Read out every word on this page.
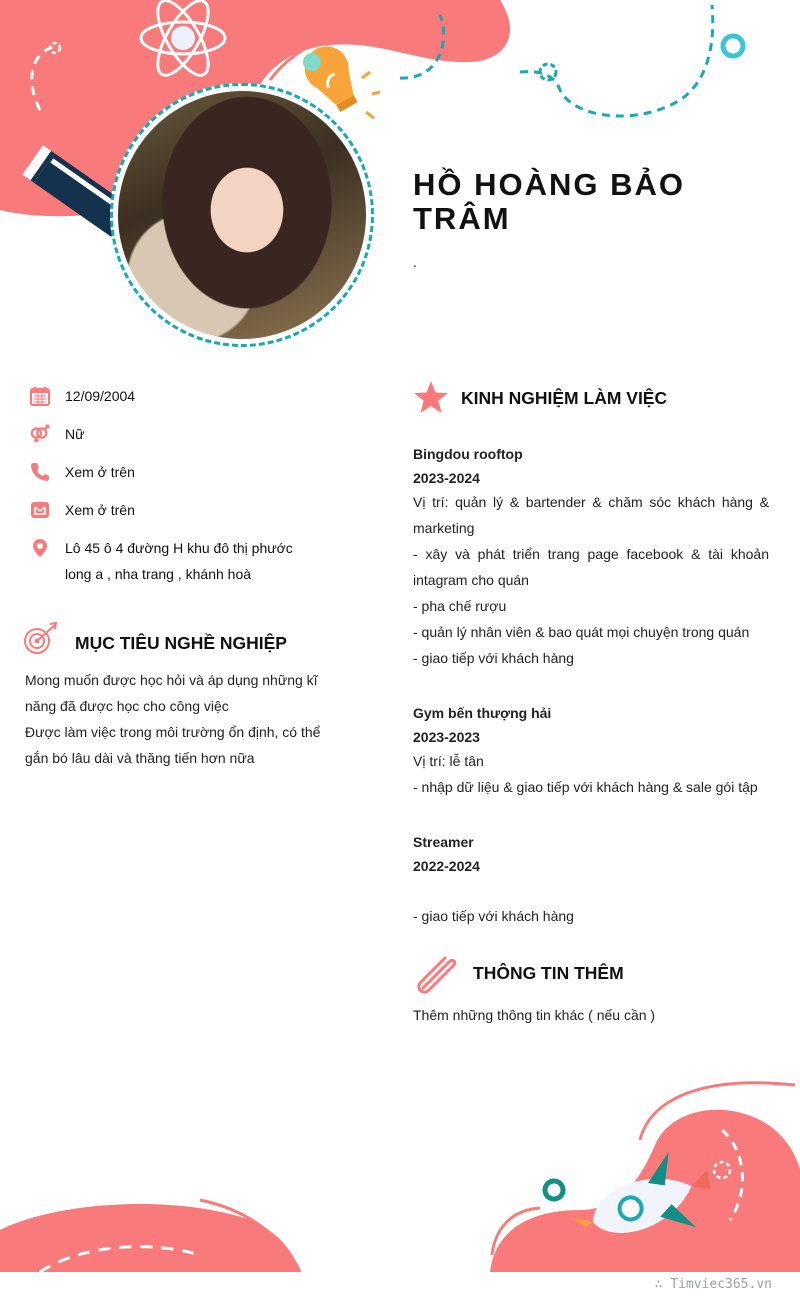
HỒ HOÀNG BẢO TRÂM
.
12/09/2004
Nữ
Xem ở trên
Xem ở trên
Lô 45 ô 4 đường H khu đô thị phước long a , nha trang , khánh hoà
MỤC TIÊU NGHỀ NGHIỆP
Mong muốn được học hỏi và áp dụng những kĩ năng đã được học cho công việc
Được làm việc trong môi trường ổn định, có thể gắn bó lâu dài và thăng tiến hơn nữa
KINH NGHIỆM LÀM VIỆC
Bingdou rooftop
2023-2024
Vị trí: quản lý & bartender & chăm sóc khách hàng & marketing
- xây và phát triển trang page facebook & tài khoản intagram cho quán
- pha chế rượu
- quản lý nhân viên & bao quát mọi chuyện trong quán
- giao tiếp với khách hàng
Gym bến thượng hải
2023-2023
Vị trí: lễ tân
- nhập dữ liệu & giao tiếp với khách hàng & sale gói tập
Streamer
2022-2024
- giao tiếp với khách hàng
THÔNG TIN THÊM
Thêm những thông tin khác ( nếu cần )
∴ Timviec365.vn
